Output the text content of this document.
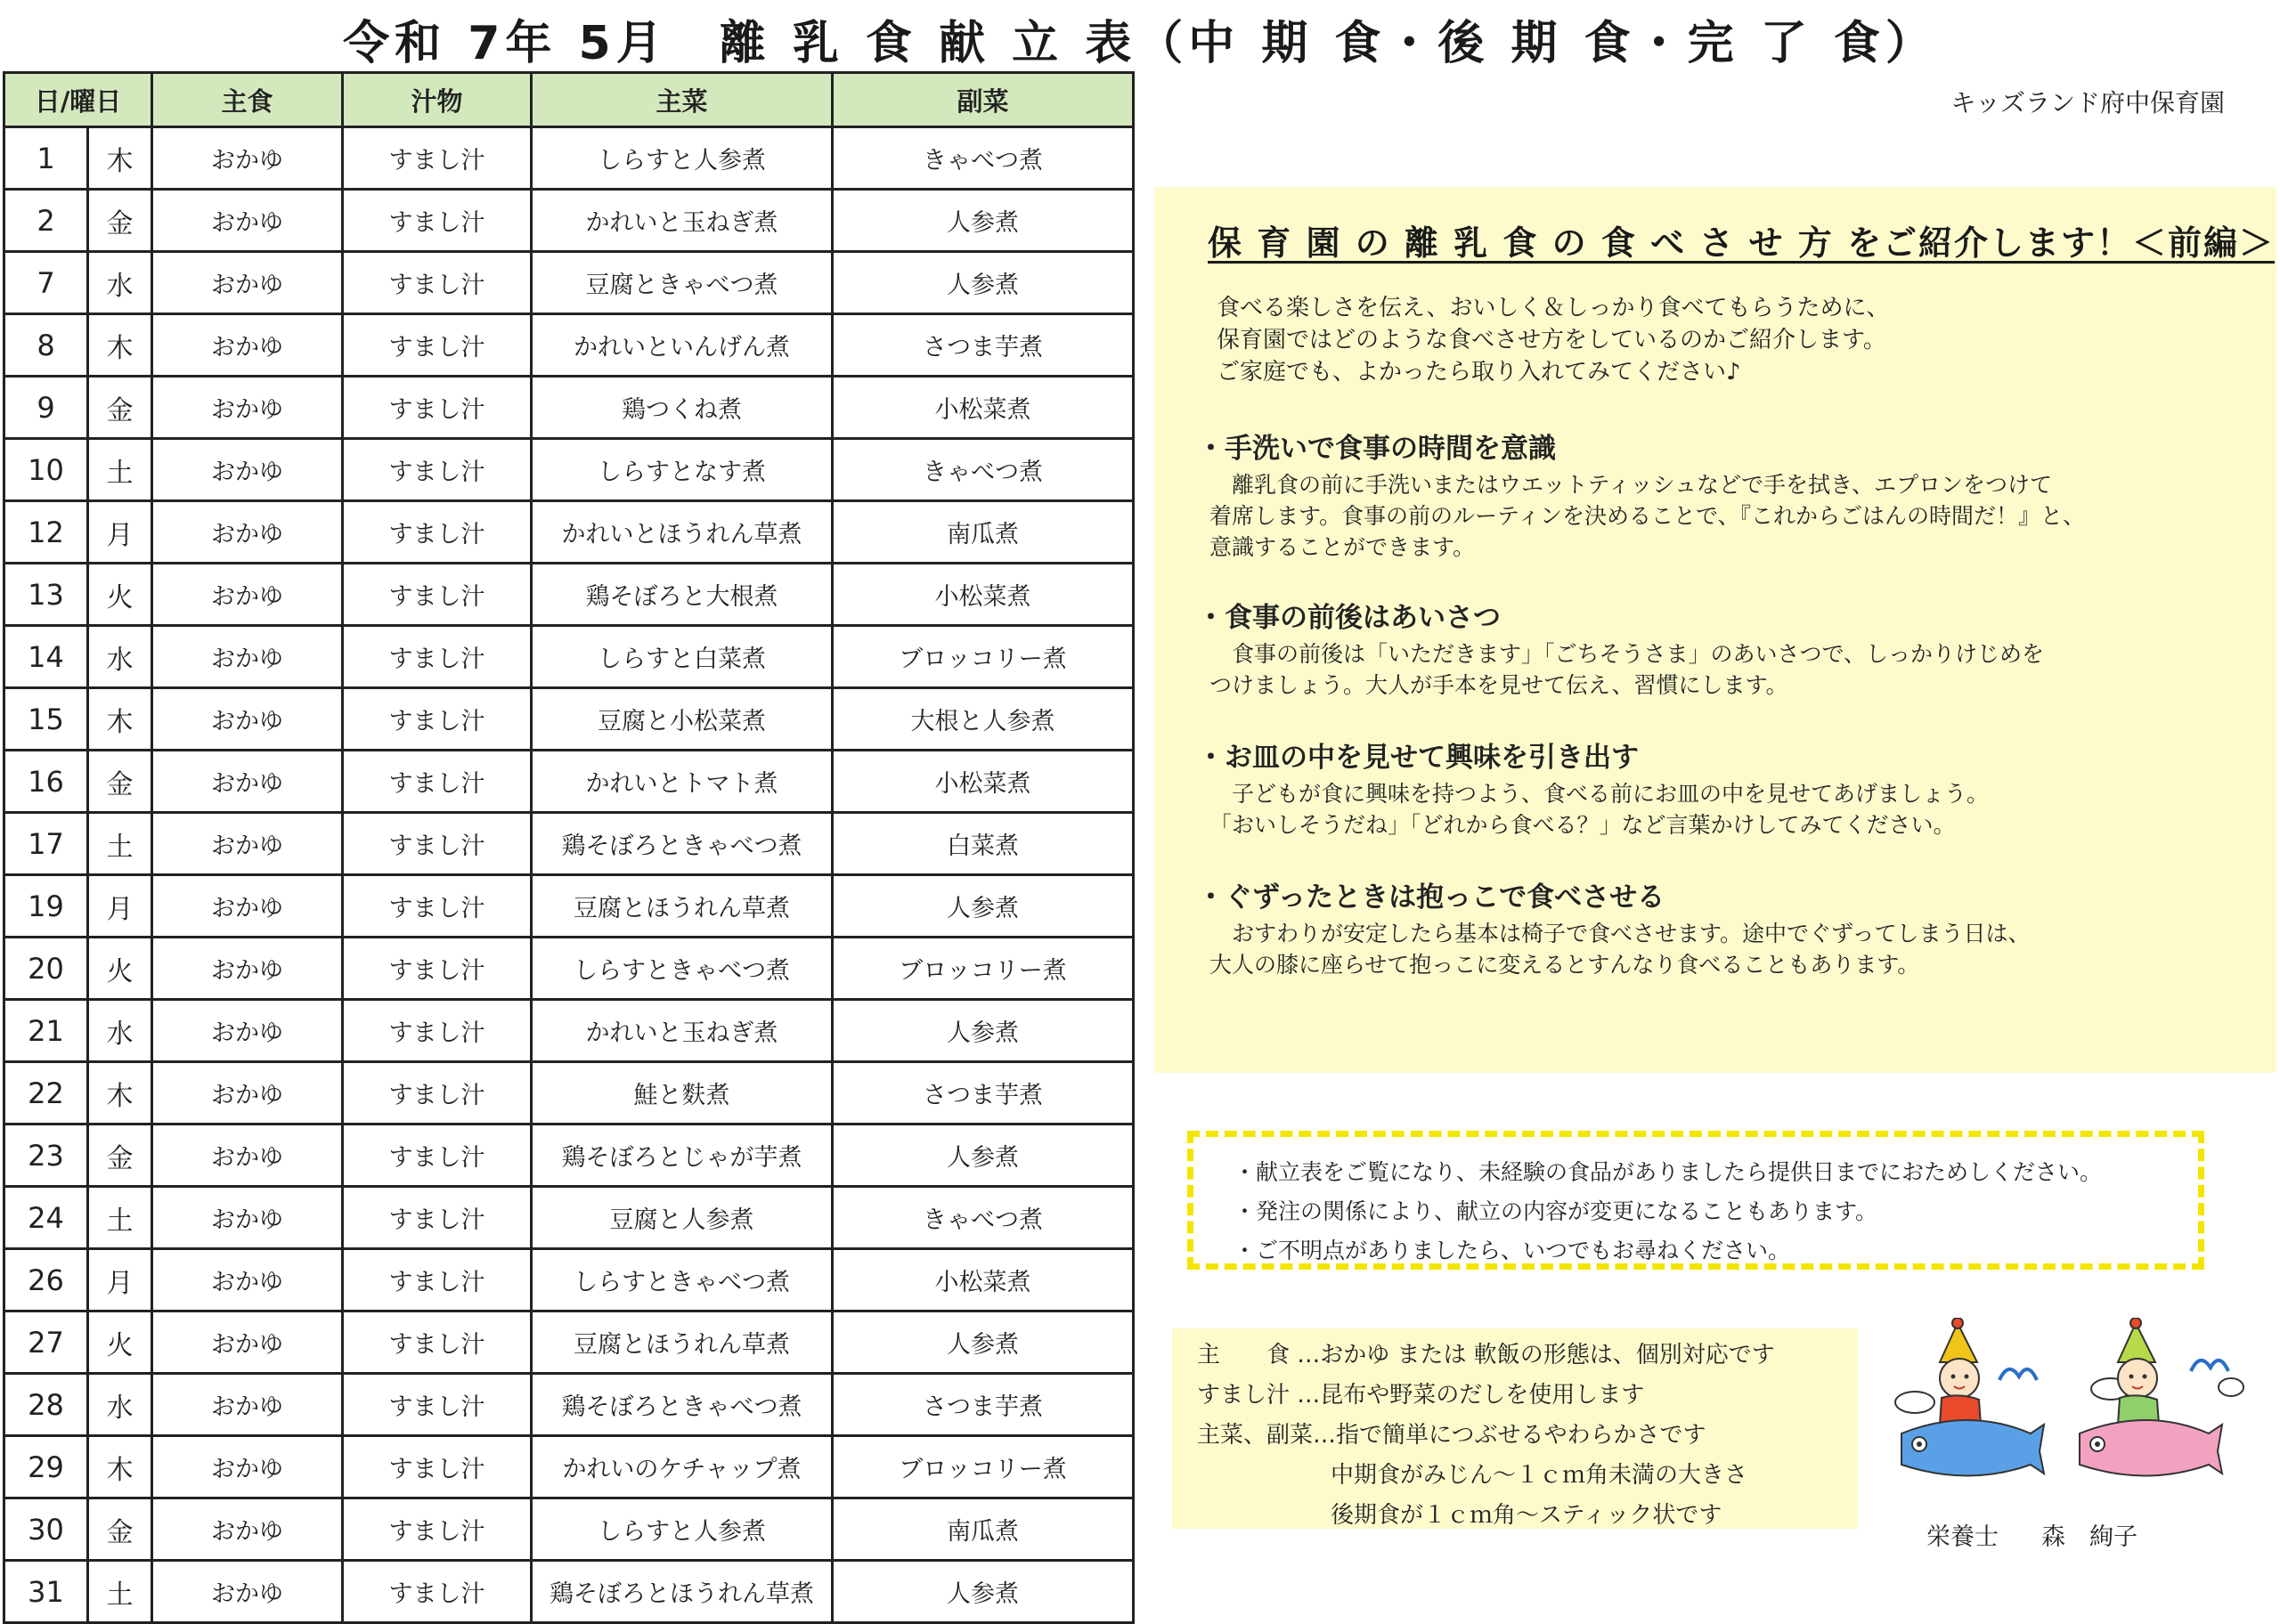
令和 7年 5月　離 乳 食 献 立 表（中 期 食・後 期 食・完 了 食）
日/曜日		主食	汁物	主菜	副菜
1	木	おかゆ	すまし汁	しらすと人参煮	きゃべつ煮
2	金	おかゆ	すまし汁	かれいと玉ねぎ煮	人参煮
7	水	おかゆ	すまし汁	豆腐ときゃべつ煮	人参煮
8	木	おかゆ	すまし汁	かれいといんげん煮	さつま芋煮
9	金	おかゆ	すまし汁	鶏つくね煮	小松菜煮
10	土	おかゆ	すまし汁	しらすとなす煮	きゃべつ煮
12	月	おかゆ	すまし汁	かれいとほうれん草煮	南瓜煮
13	火	おかゆ	すまし汁	鶏そぼろと大根煮	小松菜煮
14	水	おかゆ	すまし汁	しらすと白菜煮	ブロッコリー煮
15	木	おかゆ	すまし汁	豆腐と小松菜煮	大根と人参煮
16	金	おかゆ	すまし汁	かれいとトマト煮	小松菜煮
17	土	おかゆ	すまし汁	鶏そぼろときゃべつ煮	白菜煮
19	月	おかゆ	すまし汁	豆腐とほうれん草煮	人参煮
20	火	おかゆ	すまし汁	しらすときゃべつ煮	ブロッコリー煮
21	水	おかゆ	すまし汁	かれいと玉ねぎ煮	人参煮
22	木	おかゆ	すまし汁	鮭と麩煮	さつま芋煮
23	金	おかゆ	すまし汁	鶏そぼろとじゃが芋煮	人参煮
24	土	おかゆ	すまし汁	豆腐と人参煮	きゃべつ煮
26	月	おかゆ	すまし汁	しらすときゃべつ煮	小松菜煮
27	火	おかゆ	すまし汁	豆腐とほうれん草煮	人参煮
28	水	おかゆ	すまし汁	鶏そぼろときゃべつ煮	さつま芋煮
29	木	おかゆ	すまし汁	かれいのケチャップ煮	ブロッコリー煮
30	金	おかゆ	すまし汁	しらすと人参煮	南瓜煮
31	土	おかゆ	すまし汁	鶏そぼろとほうれん草煮	人参煮
キッズランド府中保育園
保 育 園 の 離 乳 食 の 食 べ さ せ 方 をご紹介します！＜前編＞
食べる楽しさを伝え、おいしく＆しっかり食べてもらうために、
保育園ではどのような食べさせ方をしているのかご紹介します。
ご家庭でも、よかったら取り入れてみてください♪
・手洗いで食事の時間を意識
　離乳食の前に手洗いまたはウエットティッシュなどで手を拭き、エプロンをつけて
着席します。食事の前のルーティンを決めることで、『これからごはんの時間だ！』と、
意識することができます。
・食事の前後はあいさつ
　食事の前後は「いただきます」「ごちそうさま」のあいさつで、しっかりけじめを
つけましょう。大人が手本を見せて伝え、習慣にします。
・お皿の中を見せて興味を引き出す
　子どもが食に興味を持つよう、食べる前にお皿の中を見せてあげましょう。
「おいしそうだね」「どれから食べる？」など言葉かけしてみてください。
・ぐずったときは抱っこで食べさせる
　おすわりが安定したら基本は椅子で食べさせます。途中でぐずってしまう日は、
大人の膝に座らせて抱っこに変えるとすんなり食べることもあります。
・献立表をご覧になり、未経験の食品がありましたら提供日までにおためしください。
・発注の関係により、献立の内容が変更になることもあります。
・ご不明点がありましたら、いつでもお尋ねください。
主　　食 …おかゆ または 軟飯の形態は、個別対応です
すまし汁 …昆布や野菜のだしを使用します
主菜、副菜…指で簡単につぶせるやわらかさです
中期食がみじん～１ｃｍ角未満の大きさ
後期食が１ｃｍ角～スティック状です
栄養士 森　絢子
